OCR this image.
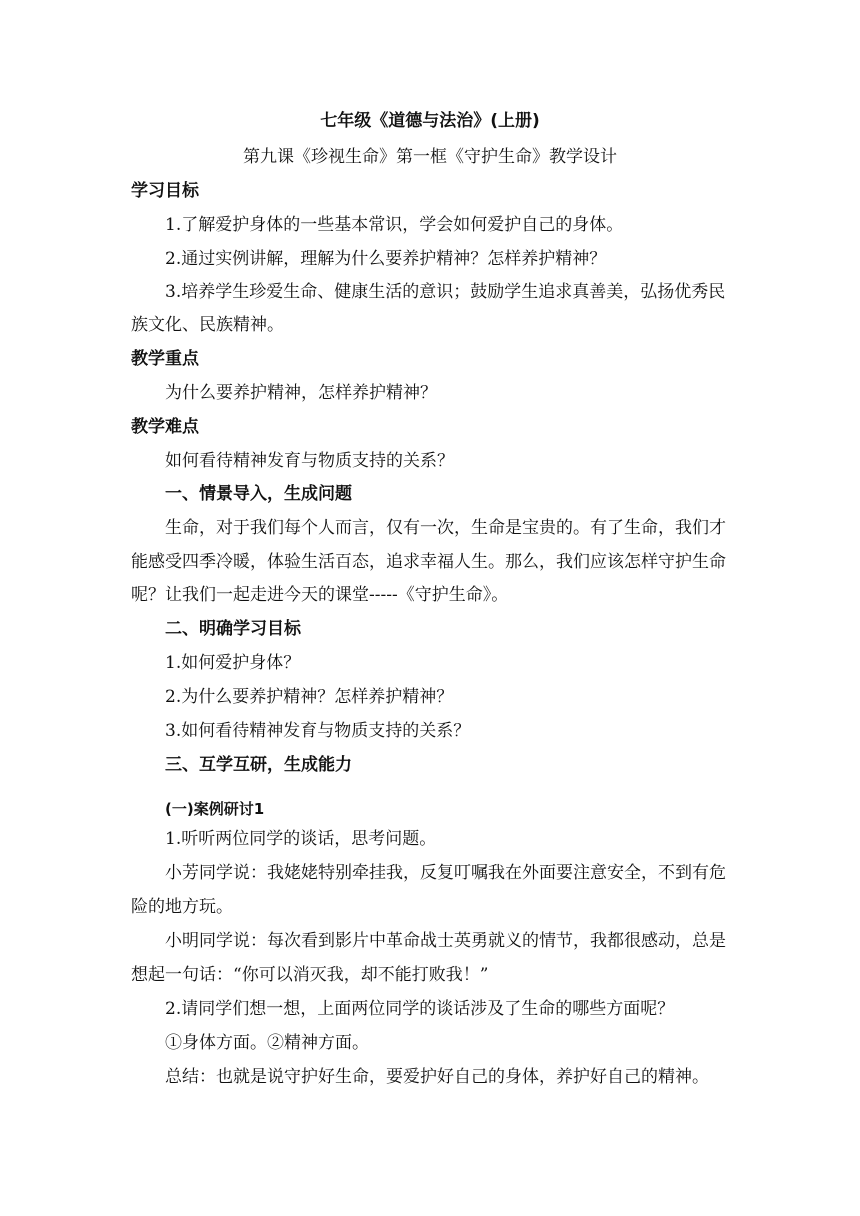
七年级《道德与法治》(上册)
第九课《珍视生命》第一框《守护生命》教学设计
学习目标
1.了解爱护身体的一些基本常识，学会如何爱护自己的身体。
2.通过实例讲解，理解为什么要养护精神？怎样养护精神？
3.培养学生珍爱生命、健康生活的意识；鼓励学生追求真善美，弘扬优秀民
族文化、民族精神。
教学重点
为什么要养护精神，怎样养护精神？
教学难点
如何看待精神发育与物质支持的关系？
一、情景导入，生成问题
生命，对于我们每个人而言，仅有一次，生命是宝贵的。有了生命，我们才
能感受四季冷暖，体验生活百态，追求幸福人生。那么，我们应该怎样守护生命
呢？让我们一起走进今天的课堂-----《守护生命》。
二、明确学习目标
1.如何爱护身体？
2.为什么要养护精神？怎样养护精神？
3.如何看待精神发育与物质支持的关系？
三、互学互研，生成能力
(一)案例研讨1
1.听听两位同学的谈话，思考问题。
小芳同学说：我姥姥特别牵挂我，反复叮嘱我在外面要注意安全，不到有危
险的地方玩。
小明同学说：每次看到影片中革命战士英勇就义的情节，我都很感动，总是
想起一句话：“你可以消灭我，却不能打败我！”
2.请同学们想一想，上面两位同学的谈话涉及了生命的哪些方面呢？
①身体方面。②精神方面。
总结：也就是说守护好生命，要爱护好自己的身体，养护好自己的精神。
